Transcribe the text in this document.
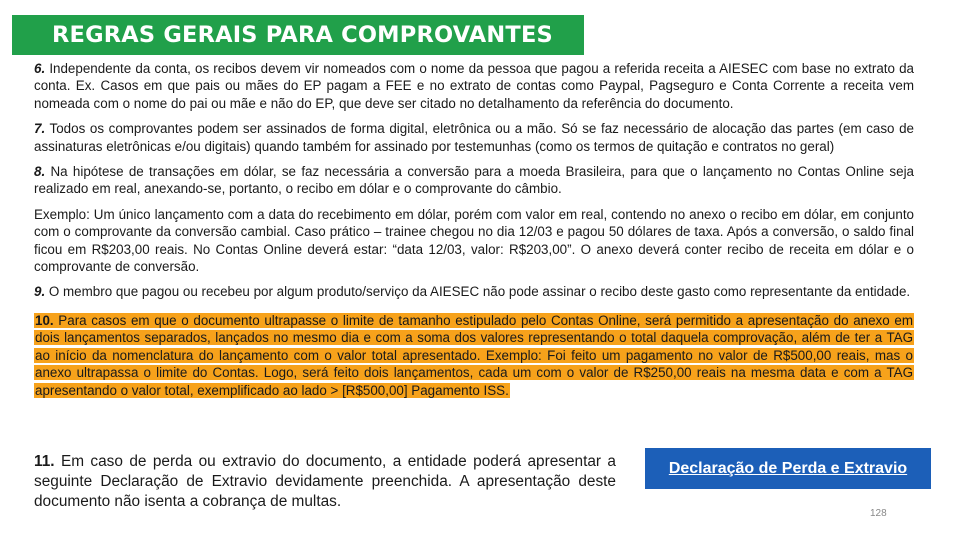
REGRAS GERAIS PARA COMPROVANTES

6. Independente da conta, os recibos devem vir nomeados com o nome da pessoa que pagou a referida receita a AIESEC com base no extrato da conta. Ex. Casos em que pais ou mães do EP pagam a FEE e no extrato de contas como Paypal, Pagseguro e Conta Corrente a receita vem nomeada com o nome do pai ou mãe e não do EP, que deve ser citado no detalhamento da referência do documento.

7. Todos os comprovantes podem ser assinados de forma digital, eletrônica ou a mão. Só se faz necessário de alocação das partes (em caso de assinaturas eletrônicas e/ou digitais) quando também for assinado por testemunhas (como os termos de quitação e contratos no geral)

8. Na hipótese de transações em dólar, se faz necessária a conversão para a moeda Brasileira, para que o lançamento no Contas Online seja realizado em real, anexando-se, portanto, o recibo em dólar e o comprovante do câmbio.

Exemplo: Um único lançamento com a data do recebimento em dólar, porém com valor em real, contendo no anexo o recibo em dólar, em conjunto com o comprovante da conversão cambial. Caso prático – trainee chegou no dia 12/03 e pagou 50 dólares de taxa. Após a conversão, o saldo final ficou em R$203,00 reais. No Contas Online deverá estar: “data 12/03, valor: R$203,00”. O anexo deverá conter recibo de receita em dólar e o comprovante de conversão.

9. O membro que pagou ou recebeu por algum produto/serviço da AIESEC não pode assinar o recibo deste gasto como representante da entidade.

10. Para casos em que o documento ultrapasse o limite de tamanho estipulado pelo Contas Online, será permitido a apresentação do anexo em dois lançamentos separados, lançados no mesmo dia e com a soma dos valores representando o total daquela comprovação, além de ter a TAG ao início da nomenclatura do lançamento com o valor total apresentado. Exemplo: Foi feito um pagamento no valor de R$500,00 reais, mas o anexo ultrapassa o limite do Contas. Logo, será feito dois lançamentos, cada um com o valor de R$250,00 reais na mesma data e com a TAG apresentando o valor total, exemplificado ao lado > [R$500,00] Pagamento ISS.

11. Em caso de perda ou extravio do documento, a entidade poderá apresentar a seguinte Declaração de Extravio devidamente preenchida. A apresentação deste documento não isenta a cobrança de multas.

Declaração de Perda e Extravio
128
